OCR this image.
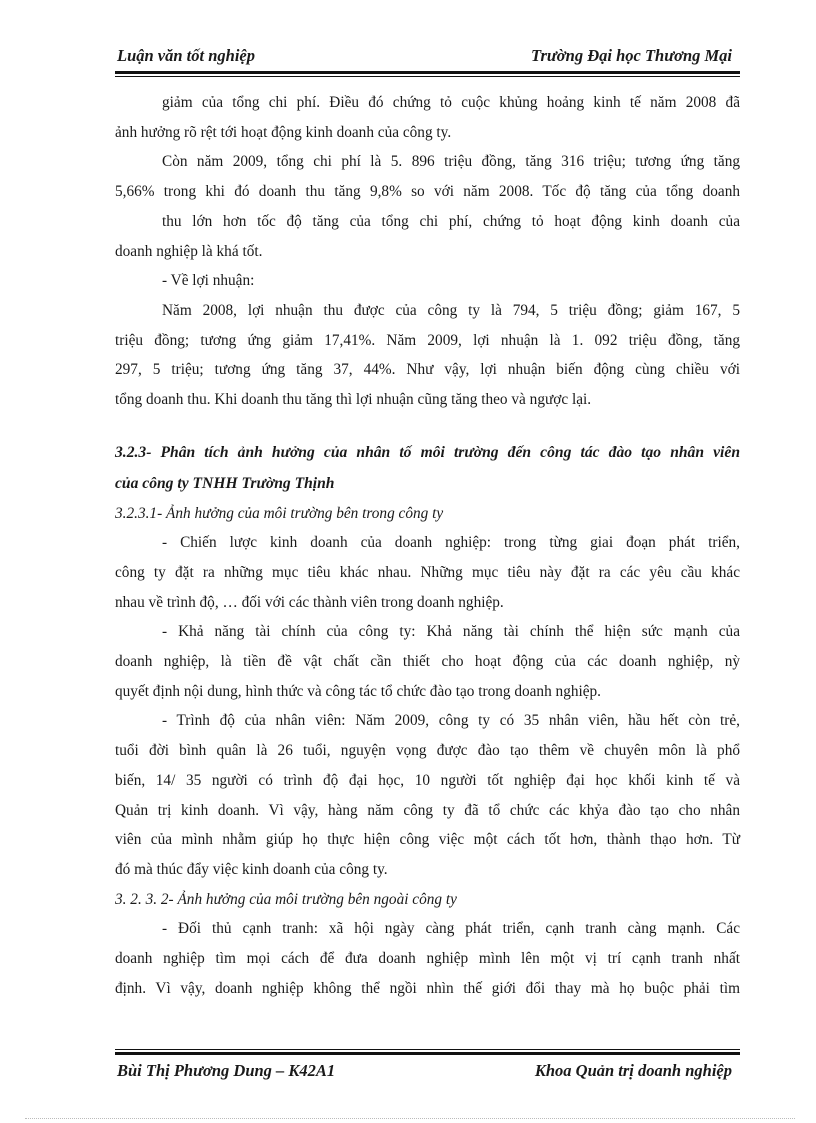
Luận văn tốt nghiệp	Trường Đại học Thương Mại

giảm của tổng chi phí. Điều đó chứng tỏ cuộc khủng hoảng kinh tế năm 2008 đã
ảnh hưởng rõ rệt tới hoạt động kinh doanh của công ty.

Còn năm 2009, tổng chi phí là 5. 896 triệu đồng, tăng 316 triệu; tương ứng tăng
5,66% trong khi đó doanh thu tăng 9,8% so với năm 2008. Tốc độ tăng của tổng doanh
thu lớn hơn tốc độ tăng của tổng chi phí, chứng tỏ hoạt động kinh doanh của
doanh nghiệp là khá tốt.

- Về lợi nhuận:

Năm 2008, lợi nhuận thu được của công ty là 794, 5 triệu đồng; giảm 167, 5
triệu đồng; tương ứng giảm 17,41%. Năm 2009, lợi nhuận là 1. 092 triệu đồng, tăng
297, 5 triệu; tương ứng tăng 37, 44%. Như vậy, lợi nhuận biến động cùng chiều với
tổng doanh thu. Khi doanh thu tăng thì lợi nhuận cũng tăng theo và ngược lại.

3.2.3- Phân tích ảnh hưởng của nhân tố môi trường đến công tác đào tạo nhân viên
của công ty TNHH Trường Thịnh

3.2.3.1- Ảnh hưởng của môi trường bên trong công ty

- Chiến lược kinh doanh của doanh nghiệp: trong từng giai đoạn phát triển,
công ty đặt ra những mục tiêu khác nhau. Những mục tiêu này đặt ra các yêu cầu khác
nhau về trình độ, … đối với các thành viên trong doanh nghiệp.

- Khả năng tài chính của công ty: Khả năng tài chính thể hiện sức mạnh của
doanh nghiệp, là tiền đề vật chất cần thiết cho hoạt động của các doanh nghiệp, nỳ
quyết định nội dung, hình thức và công tác tổ chức đào tạo trong doanh nghiệp.

- Trình độ của nhân viên: Năm 2009, công ty có 35 nhân viên, hầu hết còn trẻ,
tuổi đời bình quân là 26 tuổi, nguyện vọng được đào tạo thêm về chuyên môn là phổ
biến, 14/ 35 người có trình độ đại học, 10 người tốt nghiệp đại học khối kinh tế và
Quản trị kinh doanh. Vì vậy, hàng năm công ty đã tổ chức các khỷa đào tạo cho nhân
viên của mình nhằm giúp họ thực hiện công việc một cách tốt hơn, thành thạo hơn. Từ
đó mà thúc đẩy việc kinh doanh của công ty.

3. 2. 3. 2- Ảnh hưởng của môi trường bên ngoài công ty

- Đối thủ cạnh tranh: xã hội ngày càng phát triển, cạnh tranh càng mạnh. Các
doanh nghiệp tìm mọi cách để đưa doanh nghiệp mình lên một vị trí cạnh tranh nhất
định. Vì vậy, doanh nghiệp không thể ngồi nhìn thế giới đổi thay mà họ buộc phải tìm

Bùi Thị Phương Dung – K42A1	Khoa Quản trị doanh nghiệp
